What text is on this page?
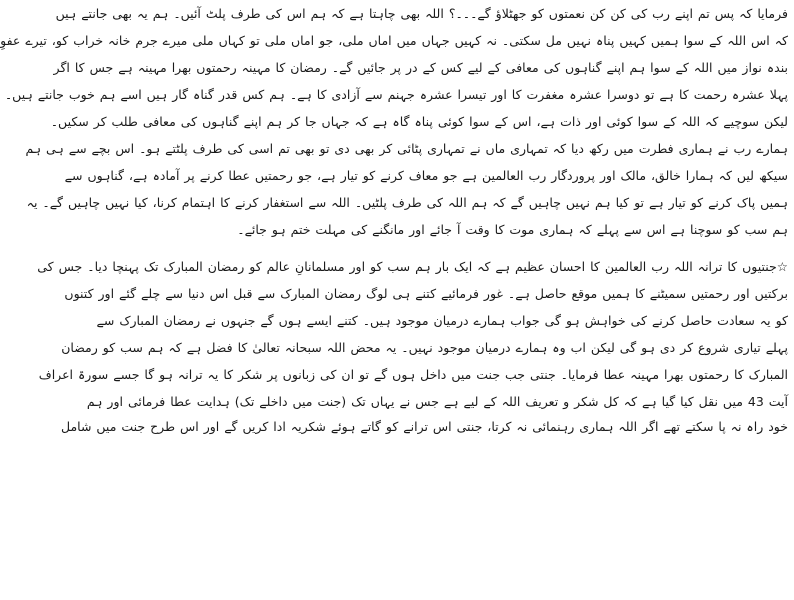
فرمایا کہ پس تم اپنے رب کی کن کن نعمتوں کو جھٹلاؤ گے۔۔۔؟ اللہ بھی چاہتا ہے کہ ہم اس کی طرف پلٹ آئیں۔ ہم یہ بھی جانتے ہیں
کہ اس اللہ کے سوا ہمیں کہیں پناہ نہیں مل سکتی۔ نہ کہیں جہاں میں اماں ملی، جو اماں ملی تو کہاں ملی میرے جرم خانہ خراب کو، تیرے عفوِ
بندہ نواز میں اللہ کے سوا ہم اپنے گناہوں کی معافی کے لیے کس کے در پر جائیں گے۔ رمضان کا مہینہ رحمتوں بھرا مہینہ ہے جس کا اگر
پہلا عشرہ رحمت کا ہے تو دوسرا عشرہ مغفرت کا اور تیسرا عشرہ جہنم سے آزادی کا ہے۔ ہم کس قدر گناہ گار ہیں اسے ہم خوب جانتے ہیں۔
لیکن سوچیے کہ اللہ کے سوا کوئی اور ذات ہے، اس کے سوا کوئی پناہ گاہ ہے کہ جہاں جا کر ہم اپنے گناہوں کی معافی طلب کر سکیں۔
ہمارے رب نے ہماری فطرت میں رکھ دیا کہ تمہاری ماں نے تمہاری پٹائی کر بھی دی تو بھی تم اسی کی طرف پلٹتے ہو۔ اس بچے سے ہی ہم
سیکھ لیں کہ ہمارا خالق، مالک اور پروردگار رب العالمین ہے جو معاف کرنے کو تیار ہے، جو رحمتیں عطا کرنے پر آمادہ ہے، گناہوں سے
ہمیں پاک کرنے کو تیار ہے تو کیا ہم نہیں چاہیں گے کہ ہم اللہ کی طرف پلٹیں۔ اللہ سے استغفار کرنے کا اہتمام کرنا، کیا نہیں چاہیں گے۔ یہ
ہم سب کو سوچنا ہے اس سے پہلے کہ ہماری موت کا وقت آ جائے اور مانگنے کی مہلت ختم ہو جائے۔
☆جنتیوں کا ترانہ اللہ رب العالمین کا احسان عظیم ہے کہ ایک بار ہم سب کو اور مسلمانانِ عالم کو رمضان المبارک تک پہنچا دیا۔ جس کی
برکتیں اور رحمتیں سمیٹنے کا ہمیں موقع حاصل ہے۔ غور فرمائیے کتنے ہی لوگ رمضان المبارک سے قبل اس دنیا سے چلے گئے اور کتنوں
کو یہ سعادت حاصل کرنے کی خواہش ہو گی جواب ہمارے درمیان موجود ہیں۔ کتنے ایسے ہوں گے جنہوں نے رمضان المبارک سے
پہلے تیاری شروع کر دی ہو گی لیکن اب وہ ہمارے درمیان موجود نہیں۔ یہ محض اللہ سبحانہ تعالیٰ کا فضل ہے کہ ہم سب کو رمضان
المبارک کا رحمتوں بھرا مہینہ عطا فرمایا۔ جنتی جب جنت میں داخل ہوں گے تو ان کی زبانوں پر شکر کا یہ ترانہ ہو گا جسے سورۃ اعراف
آیت 43 میں نقل کیا گیا ہے کہ کل شکر و تعریف اللہ کے لیے ہے جس نے یہاں تک (جنت میں داخلے تک) ہدایت عطا فرمائی اور ہم
خود راہ نہ پا سکتے تھے اگر اللہ ہماری رہنمائی نہ کرتا، جنتی اس ترانے کو گاتے ہوئے شکریہ ادا کریں گے اور اس طرح جنت میں شامل
